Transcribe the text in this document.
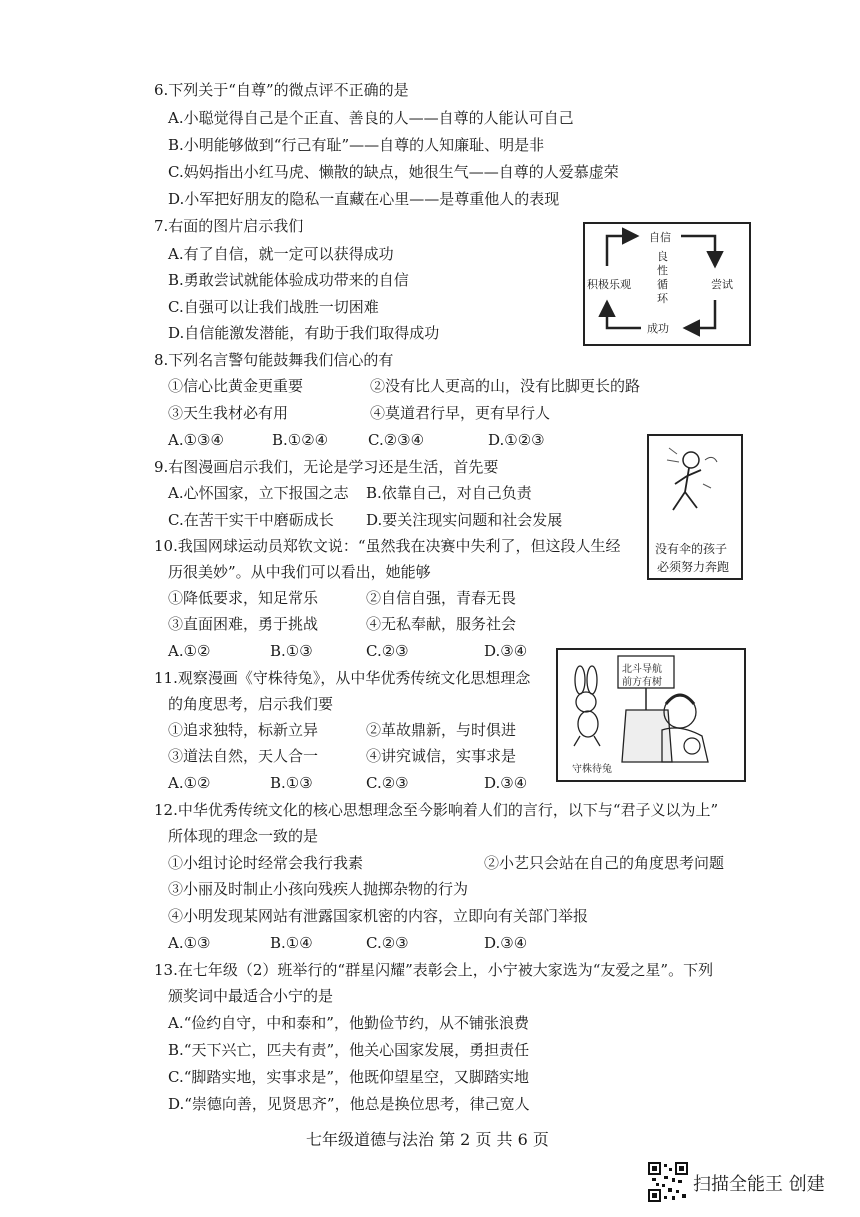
6.下列关于“自尊”的微点评不正确的是
A.小聪觉得自己是个正直、善良的人——自尊的人能认可自己
B.小明能够做到“行己有耻”——自尊的人知廉耻、明是非
C.妈妈指出小红马虎、懒散的缺点，她很生气——自尊的人爱慕虚荣
D.小军把好朋友的隐私一直藏在心里——是尊重他人的表现
7.右面的图片启示我们
A.有了自信，就一定可以获得成功
B.勇敢尝试就能体验成功带来的自信
C.自强可以让我们战胜一切困难
D.自信能激发潜能，有助于我们取得成功
自信
尝试
成功
积极乐观
良
性
循
环
8.下列名言警句能鼓舞我们信心的有
①信心比黄金更重要	②没有比人更高的山，没有比脚更长的路
③天生我材必有用	④莫道君行早，更有早行人
A.①③④	B.①②④	C.②③④	D.①②③
9.右图漫画启示我们，无论是学习还是生活，首先要
A.心怀国家，立下报国之志 B.依靠自己，对自己负责
C.在苦干实干中磨砺成长 D.要关注现实问题和社会发展
没有伞的孩子
必须努力奔跑
10.我国网球运动员郑钦文说：“虽然我在决赛中失利了，但这段人生经
历很美妙”。从中我们可以看出，她能够
①降低要求，知足常乐	②自信自强，青春无畏
③直面困难，勇于挑战	④无私奉献，服务社会
A.①②	B.①③	C.②③	D.③④
11.观察漫画《守株待兔》，从中华优秀传统文化思想理念
的角度思考，启示我们要
①追求独特，标新立异	②革故鼎新，与时俱进
③道法自然，天人合一	④讲究诚信，实事求是
A.①②	B.①③	C.②③	D.③④
北斗导航
前方有树
守株待兔
12.中华优秀传统文化的核心思想理念至今影响着人们的言行，以下与“君子义以为上”
所体现的理念一致的是
①小组讨论时经常会我行我素	②小艺只会站在自己的角度思考问题
③小丽及时制止小孩向残疾人抛掷杂物的行为
④小明发现某网站有泄露国家机密的内容，立即向有关部门举报
A.①③	B.①④	C.②③	D.③④
13.在七年级（2）班举行的“群星闪耀”表彰会上，小宁被大家选为“友爱之星”。下列
颁奖词中最适合小宁的是
A.“俭约自守，中和泰和”，他勤俭节约，从不铺张浪费
B.“天下兴亡，匹夫有责”，他关心国家发展，勇担责任
C.“脚踏实地，实事求是”，他既仰望星空，又脚踏实地
D.“崇德向善，见贤思齐”，他总是换位思考，律己宽人
七年级道德与法治 第 2 页 共 6 页
扫描全能王 创建
